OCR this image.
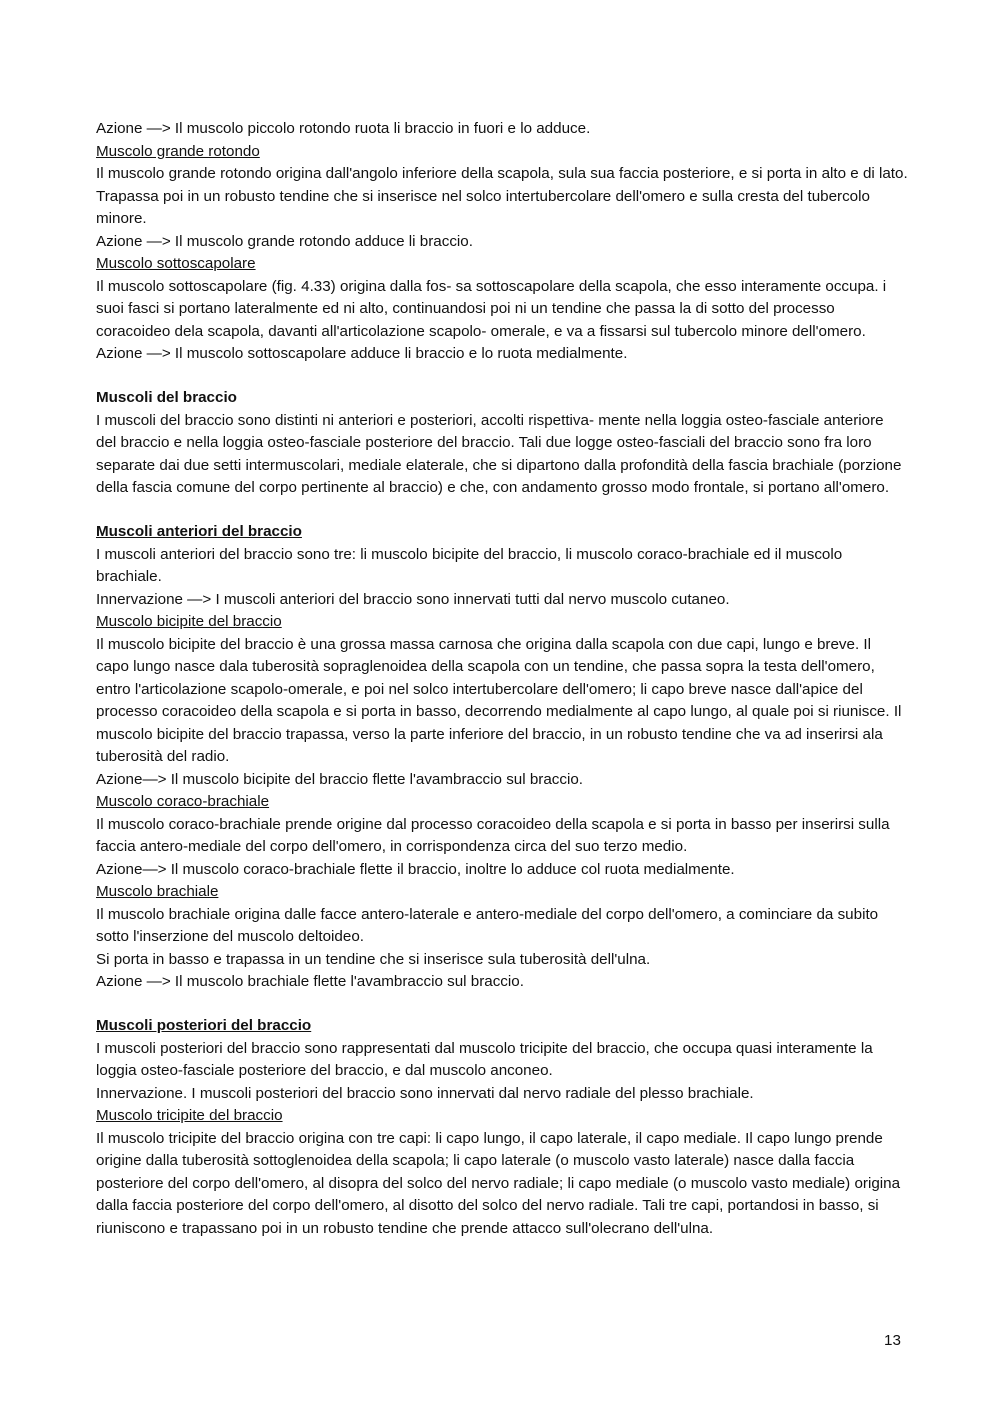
Azione —> Il muscolo piccolo rotondo ruota li braccio in fuori e lo adduce.

Muscolo grande rotondo

Il muscolo grande rotondo origina dall'angolo inferiore della scapola, sula sua faccia posteriore, e si porta in alto e di lato. Trapassa poi in un robusto tendine che si inserisce nel solco intertubercolare dell'omero e sulla cresta del tubercolo minore.

Azione —> Il muscolo grande rotondo adduce li braccio.

Muscolo sottoscapolare

Il muscolo sottoscapolare (fig. 4.33) origina dalla fos- sa sottoscapolare della scapola, che esso interamente occupa. i suoi fasci si portano lateralmente ed ni alto, continuandosi poi ni un tendine che passa la di sotto del processo coracoideo dela scapola, davanti all'articolazione scapolo- omerale, e va a fissarsi sul tubercolo minore dell'omero.

Azione —> Il muscolo sottoscapolare adduce li braccio e lo ruota medialmente.

Muscoli del braccio

I muscoli del braccio sono distinti ni anteriori e posteriori, accolti rispettiva- mente nella loggia osteo-fasciale anteriore del braccio e nella loggia osteo-fasciale posteriore del braccio. Tali due logge osteo-fasciali del braccio sono fra loro separate dai due setti intermuscolari, mediale elaterale, che si dipartono dalla profondità della fascia brachiale (porzione della fascia comune del corpo pertinente al braccio) e che, con andamento grosso modo frontale, si portano all'omero.

Muscoli anteriori del braccio

I muscoli anteriori del braccio sono tre: li muscolo bicipite del braccio, li muscolo coraco-brachiale ed il muscolo brachiale.

Innervazione —> I muscoli anteriori del braccio sono innervati tutti dal nervo muscolo cutaneo.

Muscolo bicipite del braccio

Il muscolo bicipite del braccio è una grossa massa carnosa che origina dalla scapola con due capi, lungo e breve. Il capo lungo nasce dala tuberosità sopraglenoidea della scapola con un tendine, che passa sopra la testa dell'omero, entro l'articolazione scapolo-omerale, e poi nel solco intertubercolare dell'omero; li capo breve nasce dall'apice del processo coracoideo della scapola e si porta in basso, decorrendo medialmente al capo lungo, al quale poi si riunisce. Il muscolo bicipite del braccio trapassa, verso la parte inferiore del braccio, in un robusto tendine che va ad inserirsi ala tuberosità del radio.

Azione—> Il muscolo bicipite del braccio flette l'avambraccio sul braccio.

Muscolo coraco-brachiale

Il muscolo coraco-brachiale prende origine dal processo coracoideo della scapola e si porta in basso per inserirsi sulla faccia antero-mediale del corpo dell'omero, in corrispondenza circa del suo terzo medio.

Azione—> Il muscolo coraco-brachiale flette il braccio, inoltre lo adduce col ruota medialmente.

Muscolo brachiale

Il muscolo brachiale origina dalle facce antero-laterale e antero-mediale del corpo dell'omero, a cominciare da subito sotto l'inserzione del muscolo deltoideo.

Si porta in basso e trapassa in un tendine che si inserisce sula tuberosità dell'ulna.

Azione —> Il muscolo brachiale flette l'avambraccio sul braccio.

Muscoli posteriori del braccio

I muscoli posteriori del braccio sono rappresentati dal muscolo tricipite del braccio, che occupa quasi interamente la loggia osteo-fasciale posteriore del braccio, e dal muscolo anconeo.

Innervazione. I muscoli posteriori del braccio sono innervati dal nervo radiale del plesso brachiale.

Muscolo tricipite del braccio

Il muscolo tricipite del braccio origina con tre capi: li capo lungo, il capo laterale, il capo mediale. Il capo lungo prende origine dalla tuberosità sottoglenoidea della scapola; li capo laterale (o muscolo vasto laterale) nasce dalla faccia posteriore del corpo dell'omero, al disopra del solco del nervo radiale; li capo mediale (o muscolo vasto mediale) origina dalla faccia posteriore del corpo dell'omero, al disotto del solco del nervo radiale. Tali tre capi, portandosi in basso, si riuniscono e trapassano poi in un robusto tendine che prende attacco sull'olecrano dell'ulna.

13
